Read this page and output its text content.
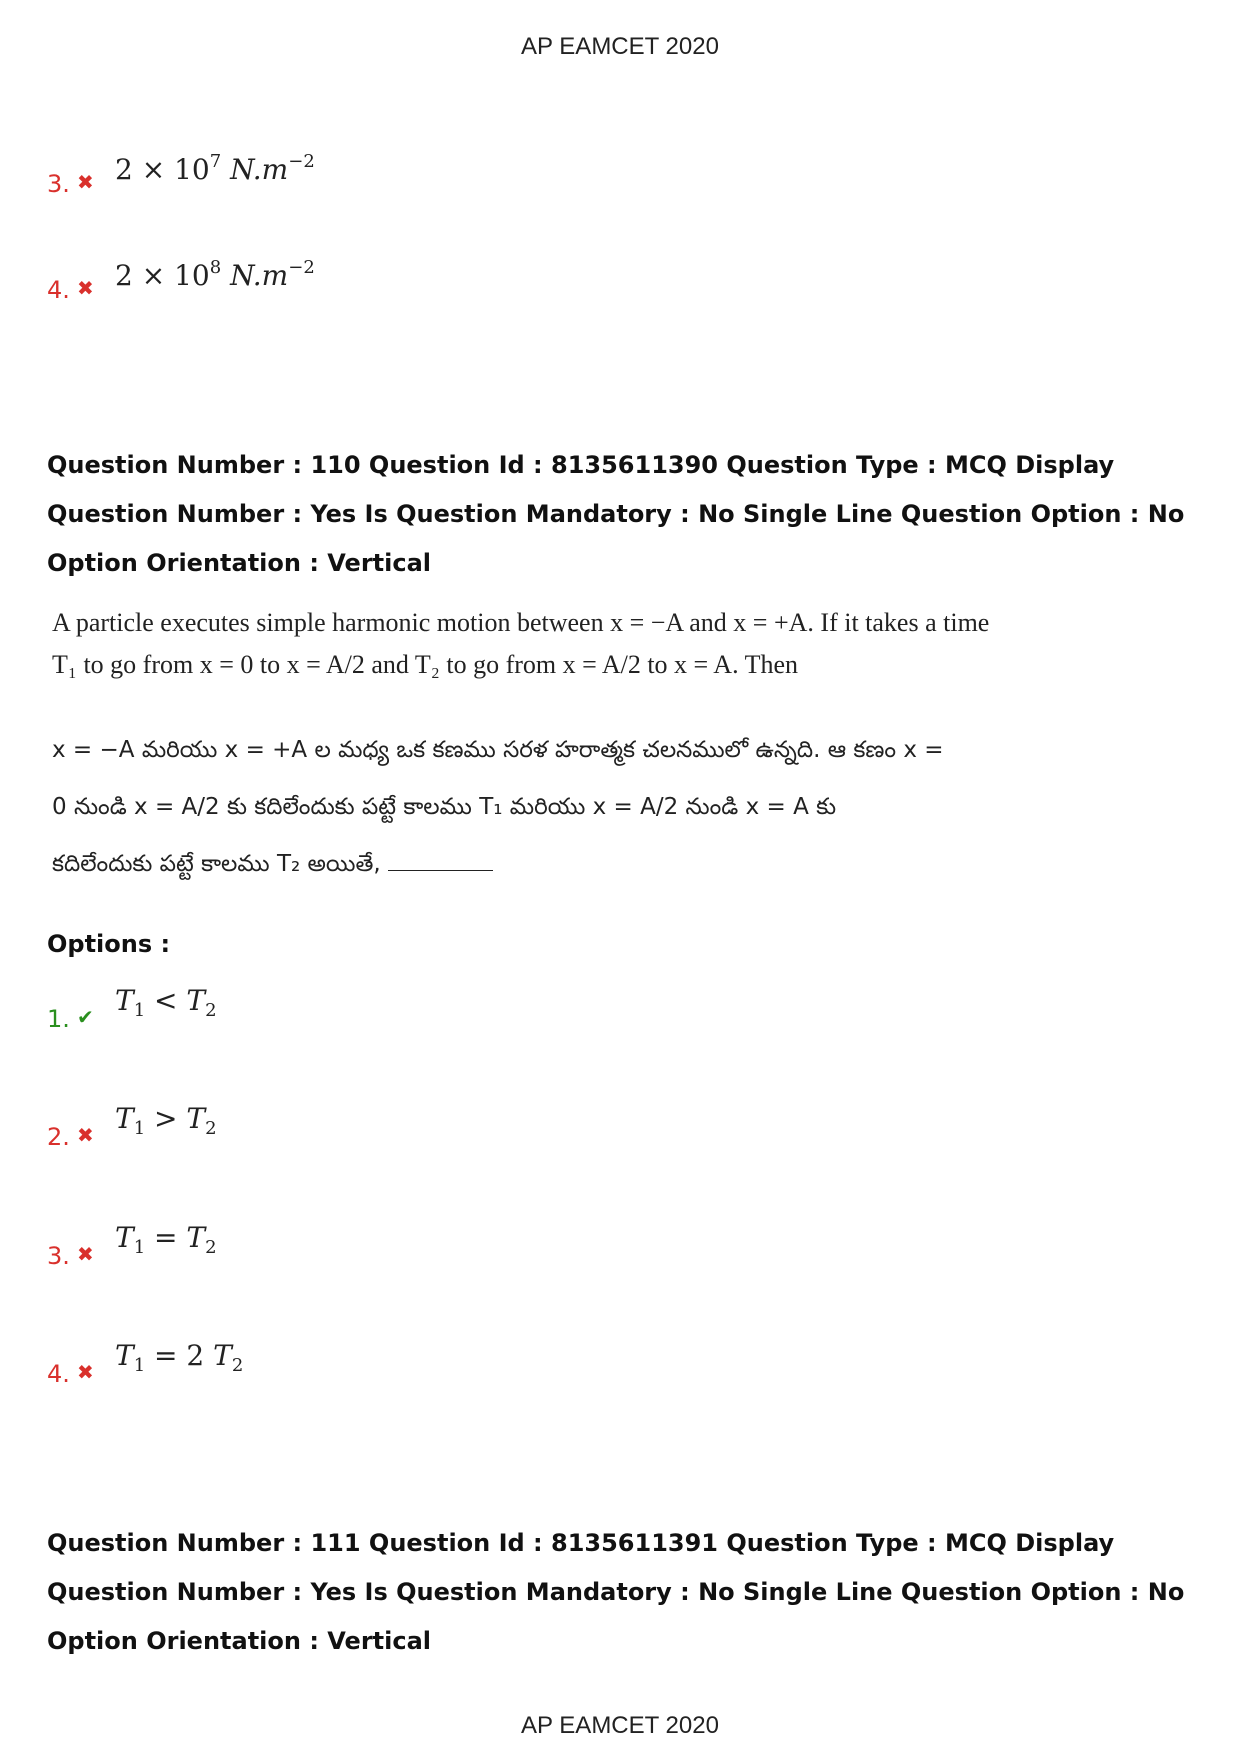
AP EAMCET 2020
3. ✖ $2 \times 10^7$ $N.m^{-2}$
4. ✖ $2 \times 10^8$ $N.m^{-2}$
Question Number : 110 Question Id : 8135611390 Question Type : MCQ Display Question Number : Yes Is Question Mandatory : No Single Line Question Option : No Option Orientation : Vertical
A particle executes simple harmonic motion between x = −A and x = +A. If it takes a time
T₁ to go from x = 0 to x = A/2 and T₂ to go from x = A/2 to x = A. Then
x = −A మరియు x = +A ల మధ్య ఒక కణము సరళ హరాత్మక చలనములో ఉన్నది. ఆ కణం x =
0 నుండి x = A/2 కు కదిలేందుకు పట్టే కాలము T₁ మరియు x = A/2 నుండి x = A కు
కదిలేందుకు పట్టే కాలము T₂ అయితే,
Options :
1. ✔ $T_1 < T_2$
2. ✖ $T_1 > T_2$
3. ✖ $T_1 = T_2$
4. ✖ $T_1 = 2$ $T_2$
Question Number : 111 Question Id : 8135611391 Question Type : MCQ Display Question Number : Yes Is Question Mandatory : No Single Line Question Option : No Option Orientation : Vertical
AP EAMCET 2020
